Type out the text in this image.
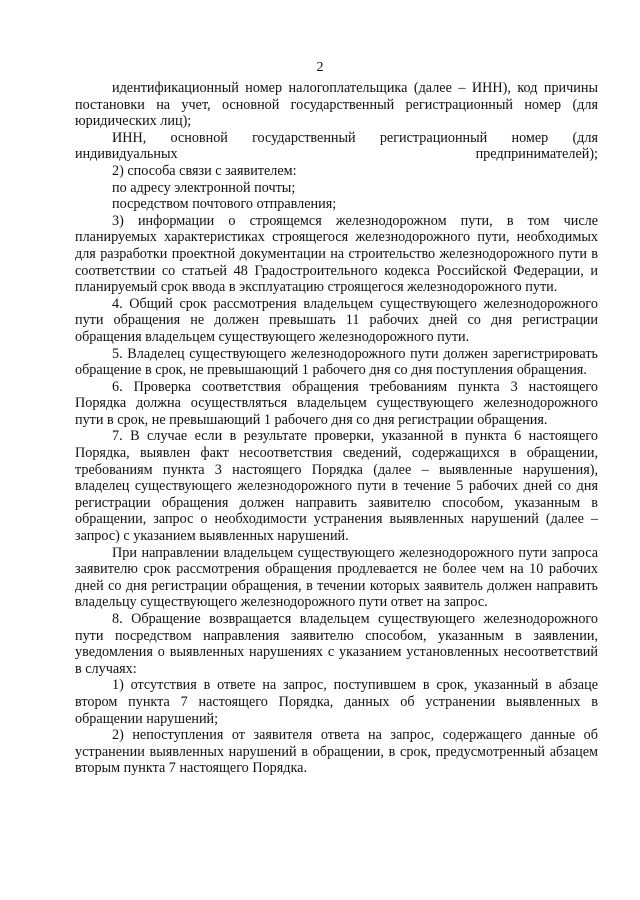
2

идентификационный номер налогоплательщика (далее – ИНН), код причины постановки на учет, основной государственный регистрационный номер (для юридических лиц);

ИНН, основной государственный регистрационный номер (для индивидуальных предпринимателей);

2) способа связи с заявителем:

по адресу электронной почты;

посредством почтового отправления;

3) информации о строящемся железнодорожном пути, в том числе планируемых характеристиках строящегося железнодорожного пути, необходимых для разработки проектной документации на строительство железнодорожного пути в соответствии со статьей 48 Градостроительного кодекса Российской Федерации, и планируемый срок ввода в эксплуатацию строящегося железнодорожного пути.

4. Общий срок рассмотрения владельцем существующего железнодорожного пути обращения не должен превышать 11 рабочих дней со дня регистрации обращения владельцем существующего железнодорожного пути.

5. Владелец существующего железнодорожного пути должен зарегистрировать обращение в срок, не превышающий 1 рабочего дня со дня поступления обращения.

6. Проверка соответствия обращения требованиям пункта 3 настоящего Порядка должна осуществляться владельцем существующего железнодорожного пути в срок, не превышающий 1 рабочего дня со дня регистрации обращения.

7. В случае если в результате проверки, указанной в пункта 6 настоящего Порядка, выявлен факт несоответствия сведений, содержащихся в обращении, требованиям пункта 3 настоящего Порядка (далее – выявленные нарушения), владелец существующего железнодорожного пути в течение 5 рабочих дней со дня регистрации обращения должен направить заявителю способом, указанным в обращении, запрос о необходимости устранения выявленных нарушений (далее – запрос) с указанием выявленных нарушений.

При направлении владельцем существующего железнодорожного пути запроса заявителю срок рассмотрения обращения продлевается не более чем на 10 рабочих дней со дня регистрации обращения, в течении которых заявитель должен направить владельцу существующего железнодорожного пути ответ на запрос.

8. Обращение возвращается владельцем существующего железнодорожного пути посредством направления заявителю способом, указанным в заявлении, уведомления о выявленных нарушениях с указанием установленных несоответствий в случаях:

1) отсутствия в ответе на запрос, поступившем в срок, указанный в абзаце втором пункта 7 настоящего Порядка, данных об устранении выявленных в обращении нарушений;

2) непоступления от заявителя ответа на запрос, содержащего данные об устранении выявленных нарушений в обращении, в срок, предусмотренный абзацем вторым пункта 7 настоящего Порядка.
